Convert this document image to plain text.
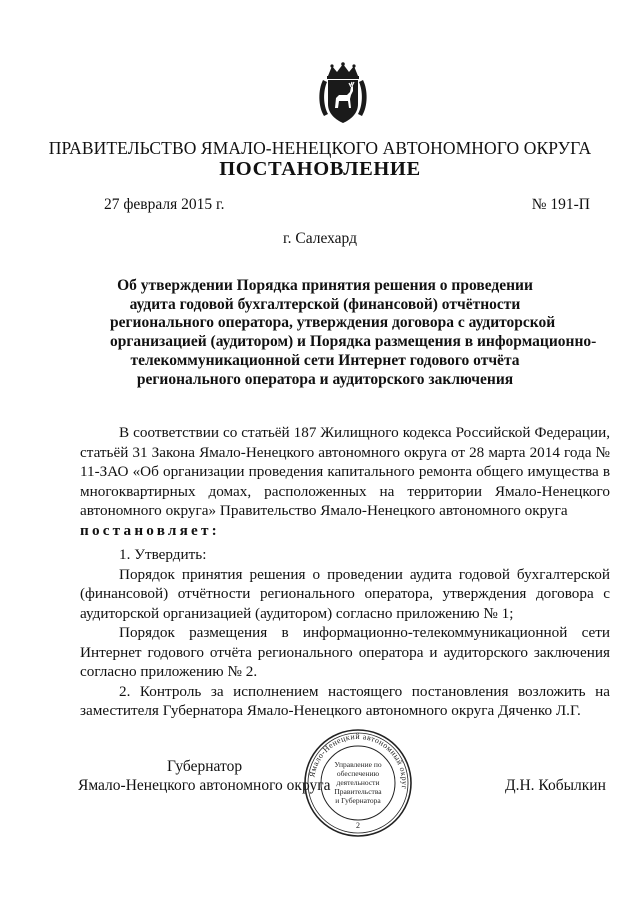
ПРАВИТЕЛЬСТВО ЯМАЛО-НЕНЕЦКОГО АВТОНОМНОГО ОКРУГА
ПОСТАНОВЛЕНИЕ
27 февраля 2015 г.	№ 191-П
г. Салехард
Об утверждении Порядка принятия решения о проведении
аудита годовой бухгалтерской (финансовой) отчётности
регионального оператора, утверждения договора с аудиторской
организацией (аудитором) и Порядка размещения в информационно-
телекоммуникационной сети Интернет годового отчёта
регионального оператора и аудиторского заключения
В соответствии со статьёй 187 Жилищного кодекса Российской Федерации, статьёй 31 Закона Ямало-Ненецкого автономного округа от 28 марта 2014 года № 11-ЗАО «Об организации проведения капитального ремонта общего имущества в многоквартирных домах, расположенных на территории Ямало-Ненецкого автономного округа» Правительство Ямало-Ненецкого автономного округа
постановляет:

1. Утвердить:

Порядок принятия решения о проведении аудита годовой бухгалтерской (финансовой) отчётности регионального оператора, утверждения договора с аудиторской организацией (аудитором) согласно приложению № 1;

Порядок размещения в информационно-телекоммуникационной сети Интернет годового отчёта регионального оператора и аудиторского заключения согласно приложению № 2.

2. Контроль за исполнением настоящего постановления возложить на заместителя Губернатора Ямало-Ненецкого автономного округа Дяченко Л.Г.

Губернатор
Ямало-Ненецкого автономного округа	Д.Н. Кобылкин
Ямало-Ненецкий автономный округ
Управление по
обеспечению
деятельности
Правительства
и Губернатора
2
